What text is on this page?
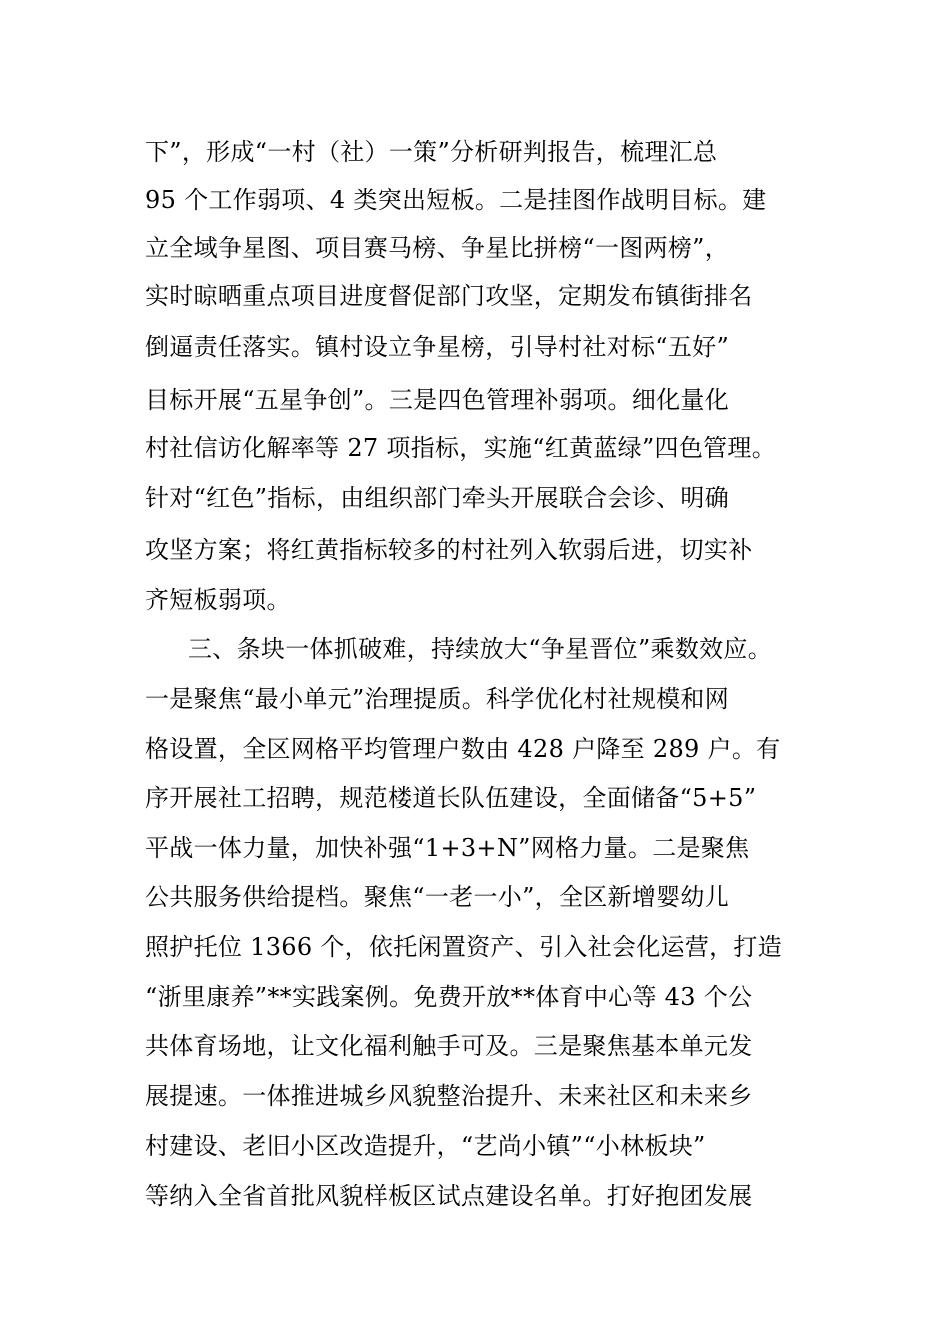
下”，形成“一村（社）一策”分析研判报告，梳理汇总
95 个工作弱项、4 类突出短板。二是挂图作战明目标。建
立全域争星图、项目赛马榜、争星比拼榜“一图两榜”，
实时晾晒重点项目进度督促部门攻坚，定期发布镇街排名
倒逼责任落实。镇村设立争星榜，引导村社对标“五好”
目标开展“五星争创”。三是四色管理补弱项。细化量化
村社信访化解率等 27 项指标，实施“红黄蓝绿”四色管理。
针对“红色”指标，由组织部门牵头开展联合会诊、明确
攻坚方案；将红黄指标较多的村社列入软弱后进，切实补
齐短板弱项。
三、条块一体抓破难，持续放大“争星晋位”乘数效应。
一是聚焦“最小单元”治理提质。科学优化村社规模和网
格设置，全区网格平均管理户数由 428 户降至 289 户。有
序开展社工招聘，规范楼道长队伍建设，全面储备“5+5”
平战一体力量，加快补强“1+3+N”网格力量。二是聚焦
公共服务供给提档。聚焦“一老一小”，全区新增婴幼儿
照护托位 1366 个，依托闲置资产、引入社会化运营，打造
“浙里康养”**实践案例。免费开放**体育中心等 43 个公
共体育场地，让文化福利触手可及。三是聚焦基本单元发
展提速。一体推进城乡风貌整治提升、未来社区和未来乡
村建设、老旧小区改造提升，“艺尚小镇”“小林板块”
等纳入全省首批风貌样板区试点建设名单。打好抱团发展
